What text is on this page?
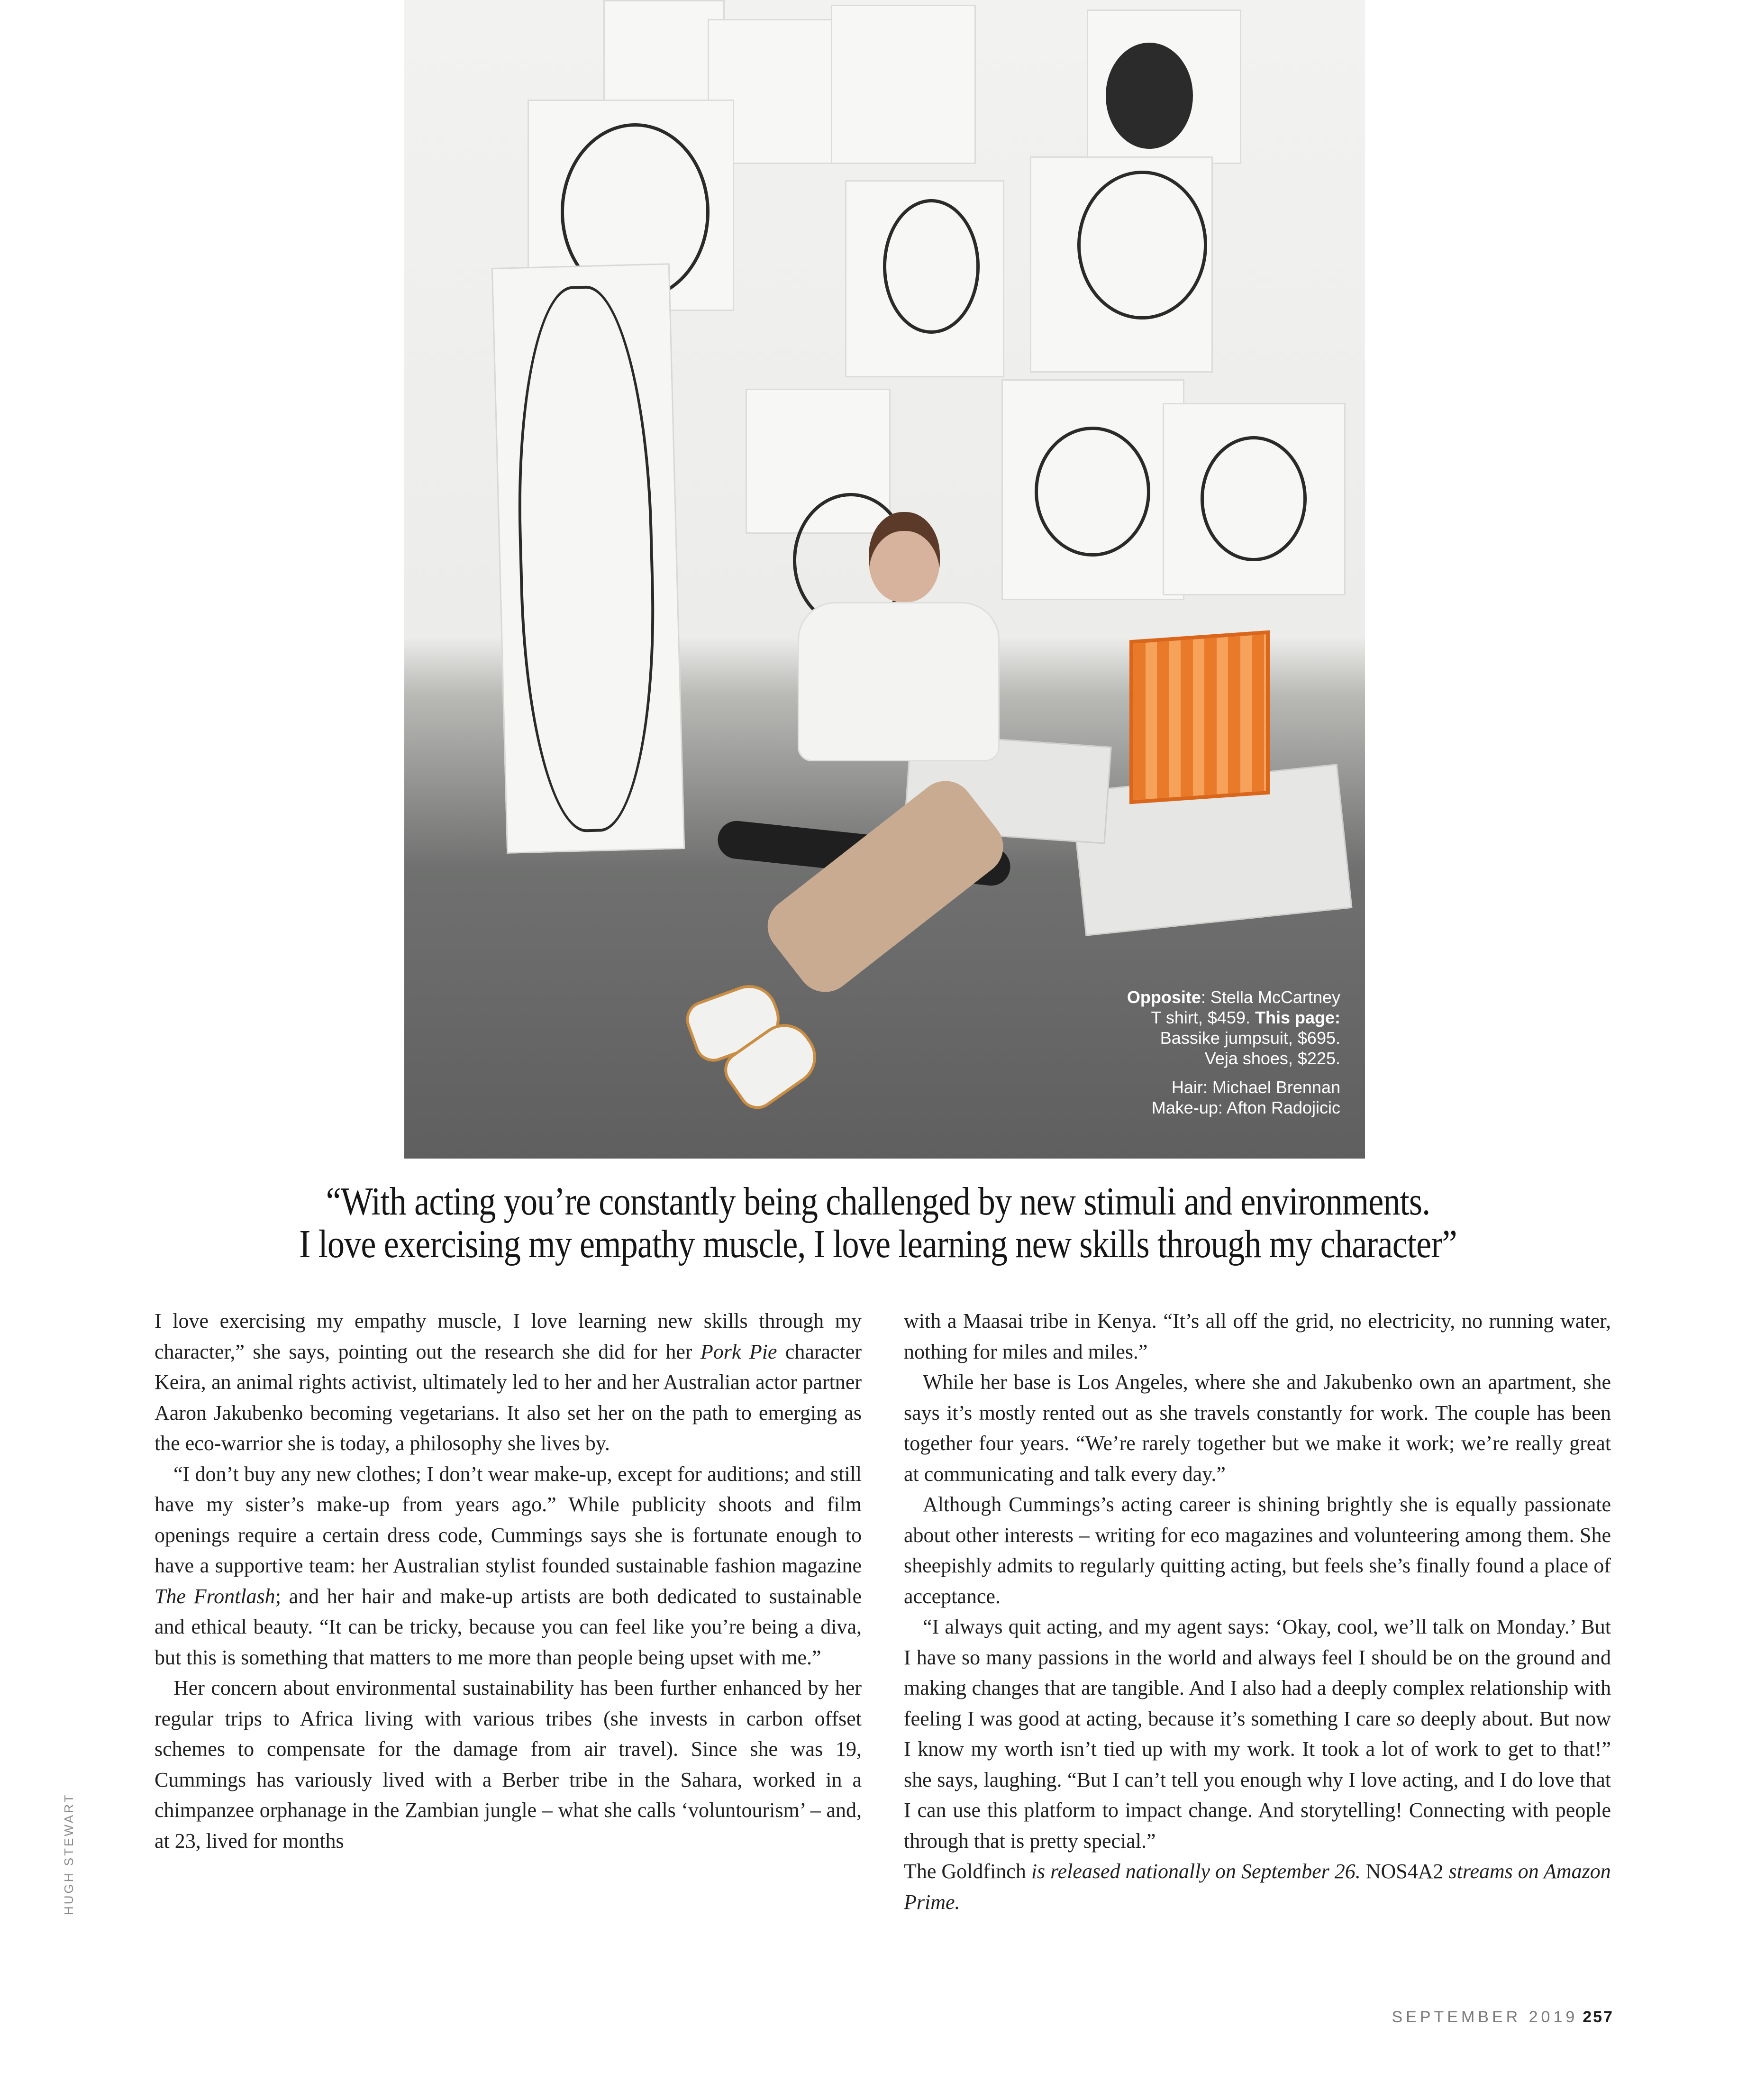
Opposite: Stella McCartney
T shirt, $459. This page:
Bassike jumpsuit, $695.
Veja shoes, $225.
Hair: Michael Brennan
Make-up: Afton Radojicic
“With acting you’re constantly being challenged by new stimuli and environments.
I love exercising my empathy muscle, I love learning new skills through my character”

I love exercising my empathy muscle, I love learning new skills through my character,” she says, pointing out the research she did for her Pork Pie character Keira, an animal rights activist, ultimately led to her and her Australian actor partner Aaron Jakubenko becoming vegetarians. It also set her on the path to emerging as the eco-warrior she is today, a philosophy she lives by.

“I don’t buy any new clothes; I don’t wear make-up, except for auditions; and still have my sister’s make-up from years ago.” While publicity shoots and film openings require a certain dress code, Cummings says she is fortunate enough to have a supportive team: her Australian stylist founded sustainable fashion magazine The Frontlash; and her hair and make-up artists are both dedicated to sustainable and ethical beauty. “It can be tricky, because you can feel like you’re being a diva, but this is something that matters to me more than people being upset with me.”

Her concern about environmental sustainability has been further enhanced by her regular trips to Africa living with various tribes (she invests in carbon offset schemes to compensate for the damage from air travel). Since she was 19, Cummings has variously lived with a Berber tribe in the Sahara, worked in a chimpanzee orphanage in the Zambian jungle – what she calls ‘voluntourism’ – and, at 23, lived for months

with a Maasai tribe in Kenya. “It’s all off the grid, no electricity, no running water, nothing for miles and miles.”

While her base is Los Angeles, where she and Jakubenko own an apartment, she says it’s mostly rented out as she travels constantly for work. The couple has been together four years. “We’re rarely together but we make it work; we’re really great at communicating and talk every day.”

Although Cummings’s acting career is shining brightly she is equally passionate about other interests – writing for eco magazines and volunteering among them. She sheepishly admits to regularly quitting acting, but feels she’s finally found a place of acceptance.

“I always quit acting, and my agent says: ‘Okay, cool, we’ll talk on Monday.’ But I have so many passions in the world and always feel I should be on the ground and making changes that are tangible. And I also had a deeply complex relationship with feeling I was good at acting, because it’s something I care so deeply about. But now I know my worth isn’t tied up with my work. It took a lot of work to get to that!” she says, laughing. “But I can’t tell you enough why I love acting, and I do love that I can use this platform to impact change. And storytelling! Connecting with people through that is pretty special.”

The Goldfinch is released nationally on September 26. NOS4A2 streams on Amazon Prime.

HUGH STEWART
SEPTEMBER 2019 257
